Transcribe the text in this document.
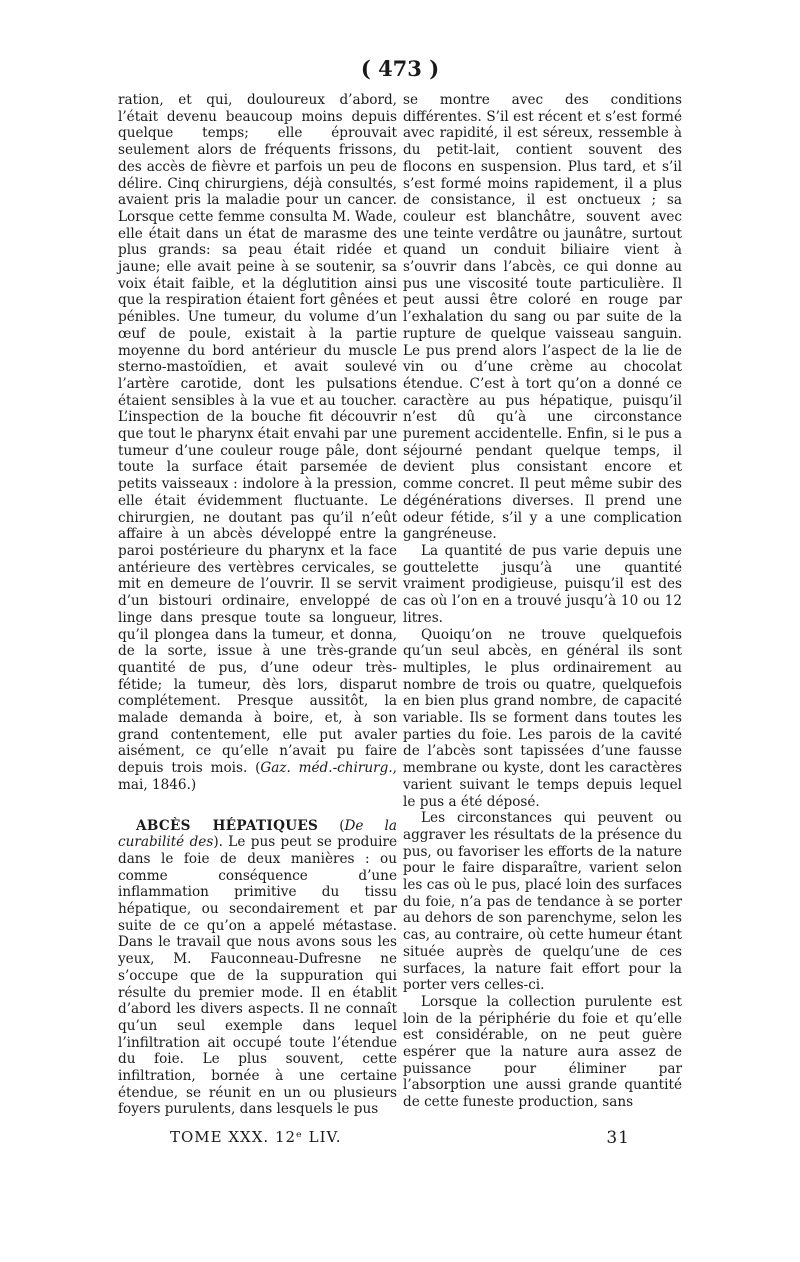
( 473 )

ration, et qui, douloureux d’abord, l’était devenu beaucoup moins depuis quelque temps; elle éprouvait seulement alors de fréquents frissons, des accès de fièvre et parfois un peu de délire. Cinq chirurgiens, déjà consultés, avaient pris la maladie pour un cancer. Lorsque cette femme consulta M. Wade, elle était dans un état de marasme des plus grands: sa peau était ridée et jaune; elle avait peine à se soutenir, sa voix était faible, et la déglutition ainsi que la respiration étaient fort gênées et pénibles. Une tumeur, du volume d’un œuf de poule, existait à la partie moyenne du bord antérieur du muscle sterno-mastoïdien, et avait soulevé l’artère carotide, dont les pulsations étaient sensibles à la vue et au toucher. L’inspection de la bouche fit découvrir que tout le pharynx était envahi par une tumeur d’une couleur rouge pâle, dont toute la surface était parsemée de petits vaisseaux : indolore à la pression, elle était évidemment fluctuante. Le chirurgien, ne doutant pas qu’il n’eût affaire à un abcès développé entre la paroi postérieure du pharynx et la face antérieure des vertèbres cervicales, se mit en demeure de l’ouvrir. Il se servit d’un bistouri ordinaire, enveloppé de linge dans presque toute sa longueur, qu’il plongea dans la tumeur, et donna, de la sorte, issue à une très-grande quantité de pus, d’une odeur très-fétide; la tumeur, dès lors, disparut complétement. Presque aussitôt, la malade demanda à boire, et, à son grand contentement, elle put avaler aisément, ce qu’elle n’avait pu faire depuis trois mois. (Gaz. méd.-chirurg., mai, 1846.)

ABCÈS HÉPATIQUES (De la curabilité des). Le pus peut se produire dans le foie de deux manières : ou comme conséquence d’une inflammation primitive du tissu hépatique, ou secondairement et par suite de ce qu’on a appelé métastase. Dans le travail que nous avons sous les yeux, M. Fauconneau-Dufresne ne s’occupe que de la suppuration qui résulte du premier mode. Il en établit d’abord les divers aspects. Il ne connaît qu’un seul exemple dans lequel l’infiltration ait occupé toute l’étendue du foie. Le plus souvent, cette infiltration, bornée à une certaine étendue, se réunit en un ou plusieurs foyers purulents, dans lesquels le pus

se montre avec des conditions différentes. S’il est récent et s’est formé avec rapidité, il est séreux, ressemble à du petit-lait, contient souvent des flocons en suspension. Plus tard, et s’il s’est formé moins rapidement, il a plus de consistance, il est onctueux ; sa couleur est blanchâtre, souvent avec une teinte verdâtre ou jaunâtre, surtout quand un conduit biliaire vient à s’ouvrir dans l’abcès, ce qui donne au pus une viscosité toute particulière. Il peut aussi être coloré en rouge par l’exhalation du sang ou par suite de la rupture de quelque vaisseau sanguin. Le pus prend alors l’aspect de la lie de vin ou d’une crème au chocolat étendue. C’est à tort qu’on a donné ce caractère au pus hépatique, puisqu’il n’est dû qu’à une circonstance purement accidentelle. Enfin, si le pus a séjourné pendant quelque temps, il devient plus consistant encore et comme concret. Il peut même subir des dégénérations diverses. Il prend une odeur fétide, s’il y a une complication gangréneuse.

La quantité de pus varie depuis une gouttelette jusqu’à une quantité vraiment prodigieuse, puisqu’il est des cas où l’on en a trouvé jusqu’à 10 ou 12 litres.

Quoiqu’on ne trouve quelquefois qu’un seul abcès, en général ils sont multiples, le plus ordinairement au nombre de trois ou quatre, quelquefois en bien plus grand nombre, de capacité variable. Ils se forment dans toutes les parties du foie. Les parois de la cavité de l’abcès sont tapissées d’une fausse membrane ou kyste, dont les caractères varient suivant le temps depuis lequel le pus a été déposé.

Les circonstances qui peuvent ou aggraver les résultats de la présence du pus, ou favoriser les efforts de la nature pour le faire disparaître, varient selon les cas où le pus, placé loin des surfaces du foie, n’a pas de tendance à se porter au dehors de son parenchyme, selon les cas, au contraire, où cette humeur étant située auprès de quelqu’une de ces surfaces, la nature fait effort pour la porter vers celles-ci.

Lorsque la collection purulente est loin de la périphérie du foie et qu’elle est considérable, on ne peut guère espérer que la nature aura assez de puissance pour éliminer par l’absorption une aussi grande quantité de cette funeste production, sans

TOME XXX. 12ᵉ LIV.	31
